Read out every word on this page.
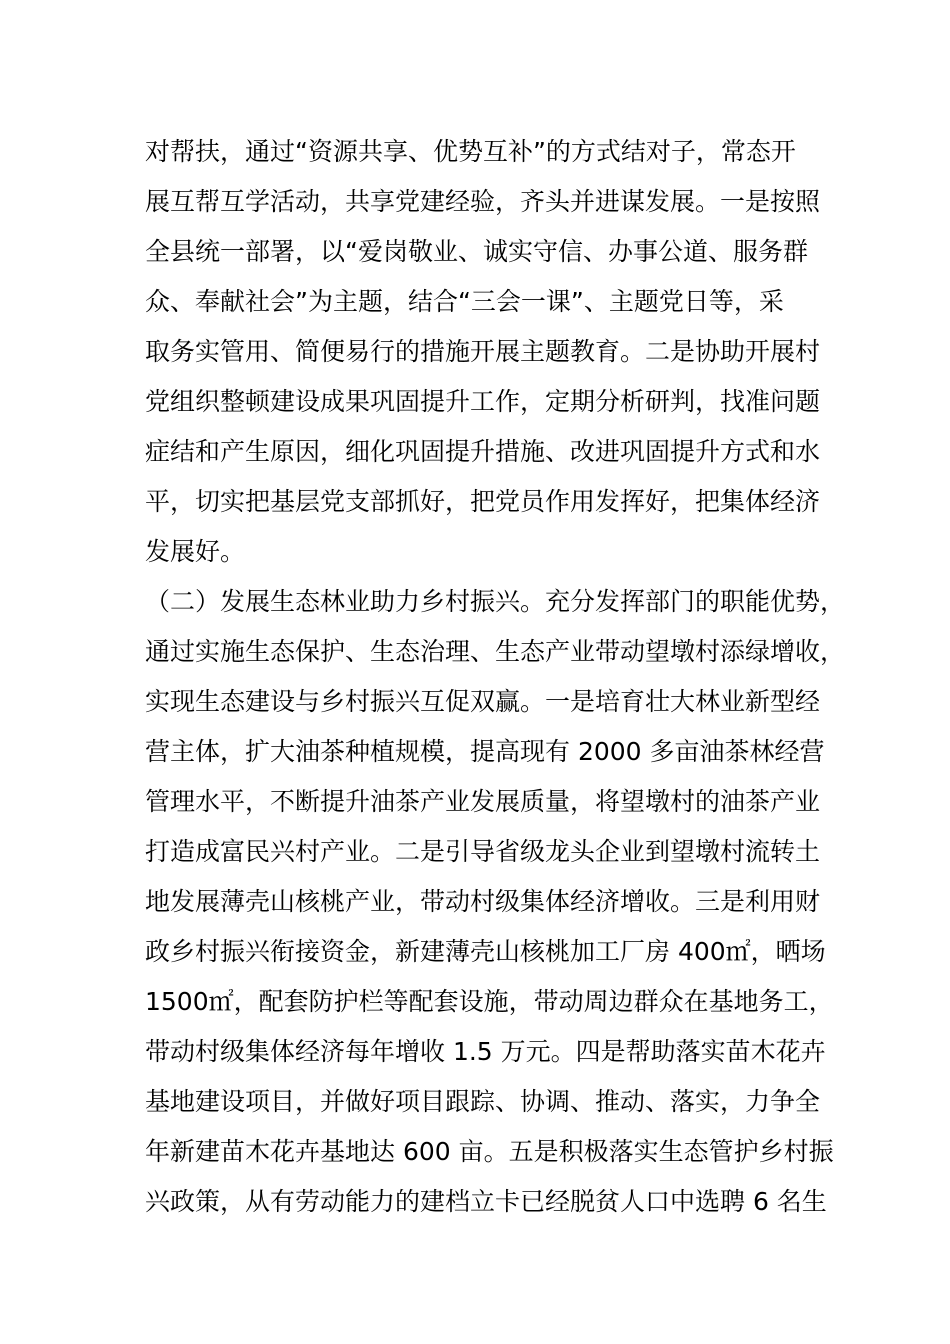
对帮扶，通过“资源共享、优势互补”的方式结对子，常态开
展互帮互学活动，共享党建经验，齐头并进谋发展。一是按照
全县统一部署，以“爱岗敬业、诚实守信、办事公道、服务群
众、奉献社会”为主题，结合“三会一课”、主题党日等，采
取务实管用、简便易行的措施开展主题教育。二是协助开展村
党组织整顿建设成果巩固提升工作，定期分析研判，找准问题
症结和产生原因，细化巩固提升措施、改进巩固提升方式和水
平，切实把基层党支部抓好，把党员作用发挥好，把集体经济
发展好。
（二）发展生态林业助力乡村振兴。充分发挥部门的职能优势，
通过实施生态保护、生态治理、生态产业带动望墩村添绿增收，
实现生态建设与乡村振兴互促双赢。一是培育壮大林业新型经
营主体，扩大油茶种植规模，提高现有 2000 多亩油茶林经营
管理水平，不断提升油茶产业发展质量，将望墩村的油茶产业
打造成富民兴村产业。二是引导省级龙头企业到望墩村流转土
地发展薄壳山核桃产业，带动村级集体经济增收。三是利用财
政乡村振兴衔接资金，新建薄壳山核桃加工厂房 400㎡，晒场
1500㎡，配套防护栏等配套设施，带动周边群众在基地务工，
带动村级集体经济每年增收 1.5 万元。四是帮助落实苗木花卉
基地建设项目，并做好项目跟踪、协调、推动、落实，力争全
年新建苗木花卉基地达 600 亩。五是积极落实生态管护乡村振
兴政策，从有劳动能力的建档立卡已经脱贫人口中选聘 6 名生
